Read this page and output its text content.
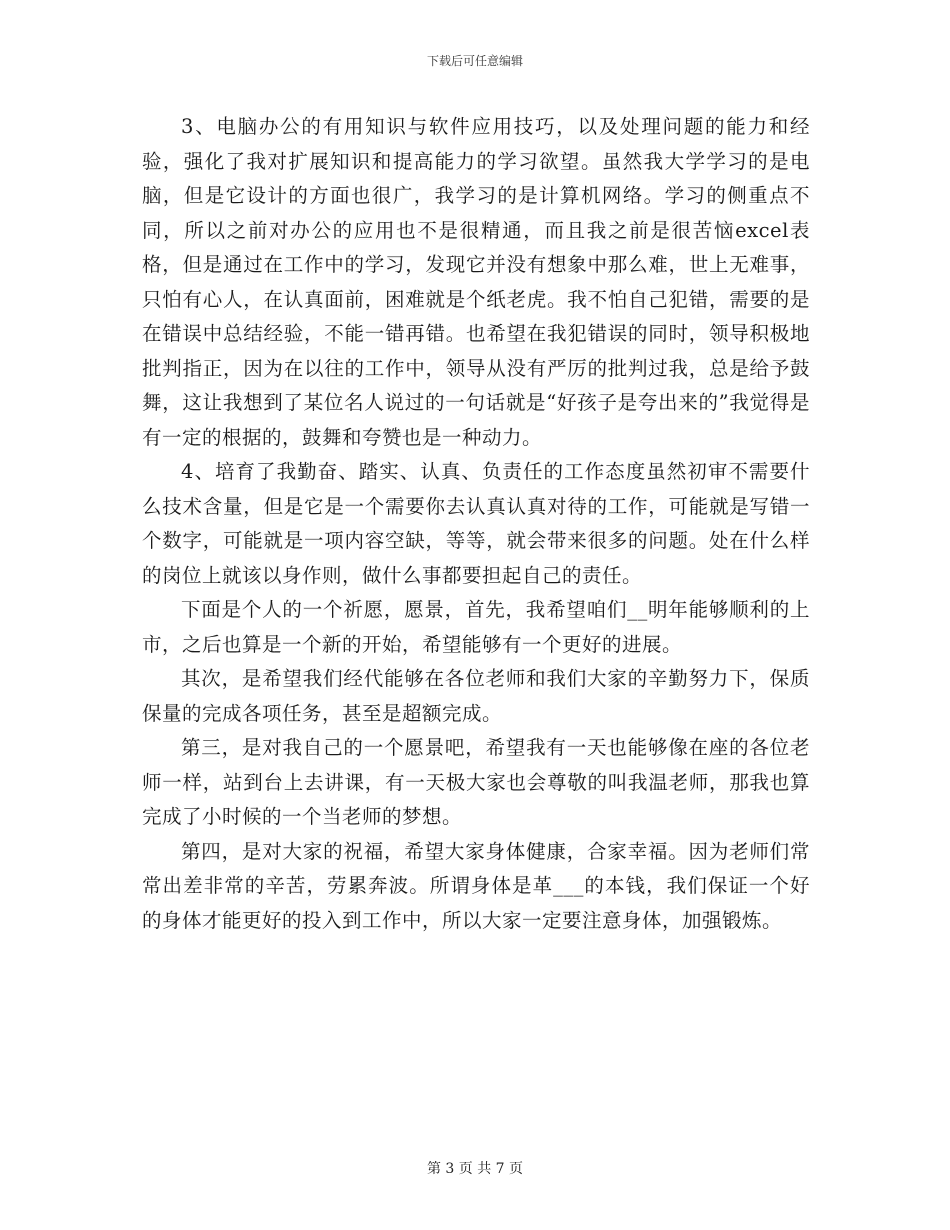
下载后可任意编辑

3、电脑办公的有用知识与软件应用技巧，以及处理问题的能力和经验，强化了我对扩展知识和提高能力的学习欲望。虽然我大学学习的是电脑，但是它设计的方面也很广，我学习的是计算机网络。学习的侧重点不同，所以之前对办公的应用也不是很精通，而且我之前是很苦恼excel表格，但是通过在工作中的学习，发现它并没有想象中那么难，世上无难事，只怕有心人，在认真面前，困难就是个纸老虎。我不怕自己犯错，需要的是在错误中总结经验，不能一错再错。也希望在我犯错误的同时，领导积极地批判指正，因为在以往的工作中，领导从没有严厉的批判过我，总是给予鼓舞，这让我想到了某位名人说过的一句话就是“好孩子是夸出来的”我觉得是有一定的根据的，鼓舞和夸赞也是一种动力。

4、培育了我勤奋、踏实、认真、负责任的工作态度虽然初审不需要什么技术含量，但是它是一个需要你去认真认真对待的工作，可能就是写错一个数字，可能就是一项内容空缺，等等，就会带来很多的问题。处在什么样的岗位上就该以身作则，做什么事都要担起自己的责任。

下面是个人的一个祈愿，愿景，首先，我希望咱们__明年能够顺利的上市，之后也算是一个新的开始，希望能够有一个更好的进展。

其次，是希望我们经代能够在各位老师和我们大家的辛勤努力下，保质保量的完成各项任务，甚至是超额完成。

第三，是对我自己的一个愿景吧，希望我有一天也能够像在座的各位老师一样，站到台上去讲课，有一天极大家也会尊敬的叫我温老师，那我也算完成了小时候的一个当老师的梦想。

第四，是对大家的祝福，希望大家身体健康，合家幸福。因为老师们常常出差非常的辛苦，劳累奔波。所谓身体是革___的本钱，我们保证一个好的身体才能更好的投入到工作中，所以大家一定要注意身体，加强锻炼。

第 3 页 共 7 页
